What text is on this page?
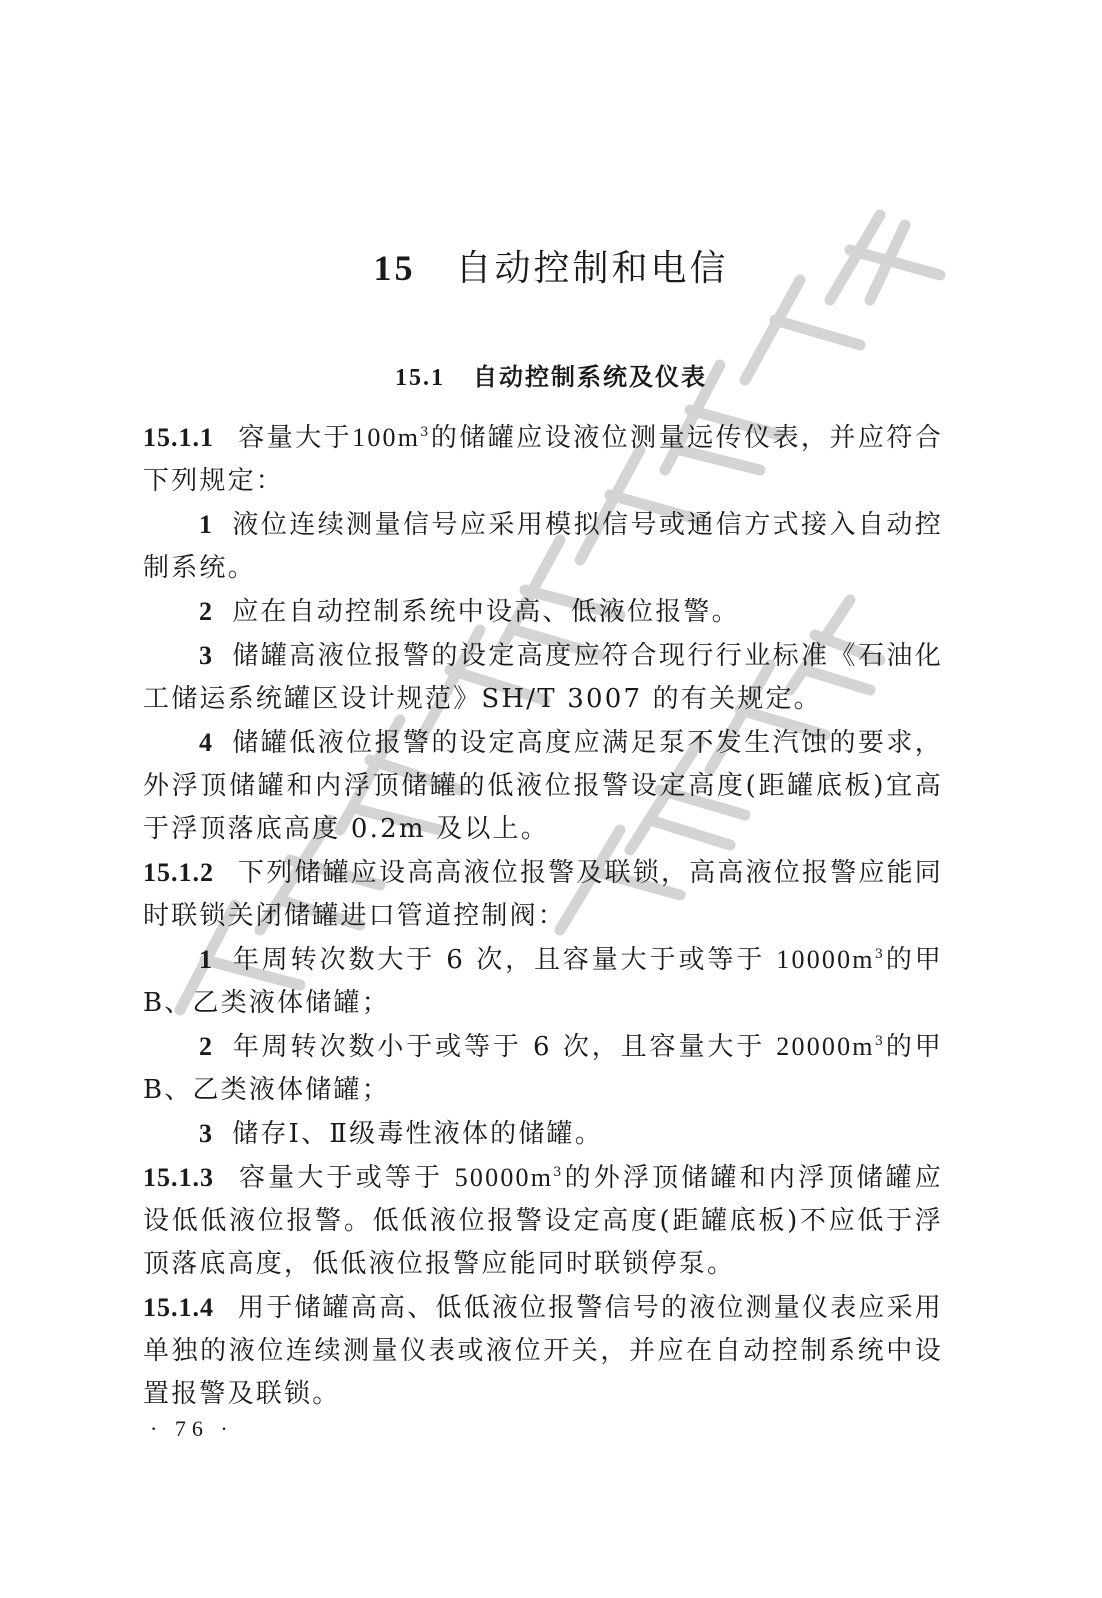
15 自动控制和电信
15.1 自动控制系统及仪表

15.1.1 容量大于$100m^3$的储罐应设液位测量远传仪表，并应符合下列规定：

1 液位连续测量信号应采用模拟信号或通信方式接入自动控制系统。

2 应在自动控制系统中设高、低液位报警。

3 储罐高液位报警的设定高度应符合现行行业标准《石油化工储运系统罐区设计规范》SH/T 3007 的有关规定。

4 储罐低液位报警的设定高度应满足泵不发生汽蚀的要求，外浮顶储罐和内浮顶储罐的低液位报警设定高度(距罐底板)宜高于浮顶落底高度 0.2m 及以上。

15.1.2 下列储罐应设高高液位报警及联锁，高高液位报警应能同时联锁关闭储罐进口管道控制阀：

1 年周转次数大于 6 次，且容量大于或等于 $10000m^3$的甲B、乙类液体储罐；

2 年周转次数小于或等于 6 次，且容量大于 $20000m^3$的甲B、乙类液体储罐；

3 储存Ⅰ、Ⅱ级毒性液体的储罐。

15.1.3 容量大于或等于 $50000m^3$的外浮顶储罐和内浮顶储罐应设低低液位报警。低低液位报警设定高度(距罐底板)不应低于浮顶落底高度，低低液位报警应能同时联锁停泵。

15.1.4 用于储罐高高、低低液位报警信号的液位测量仪表应采用单独的液位连续测量仪表或液位开关，并应在自动控制系统中设置报警及联锁。

· 76 ·
